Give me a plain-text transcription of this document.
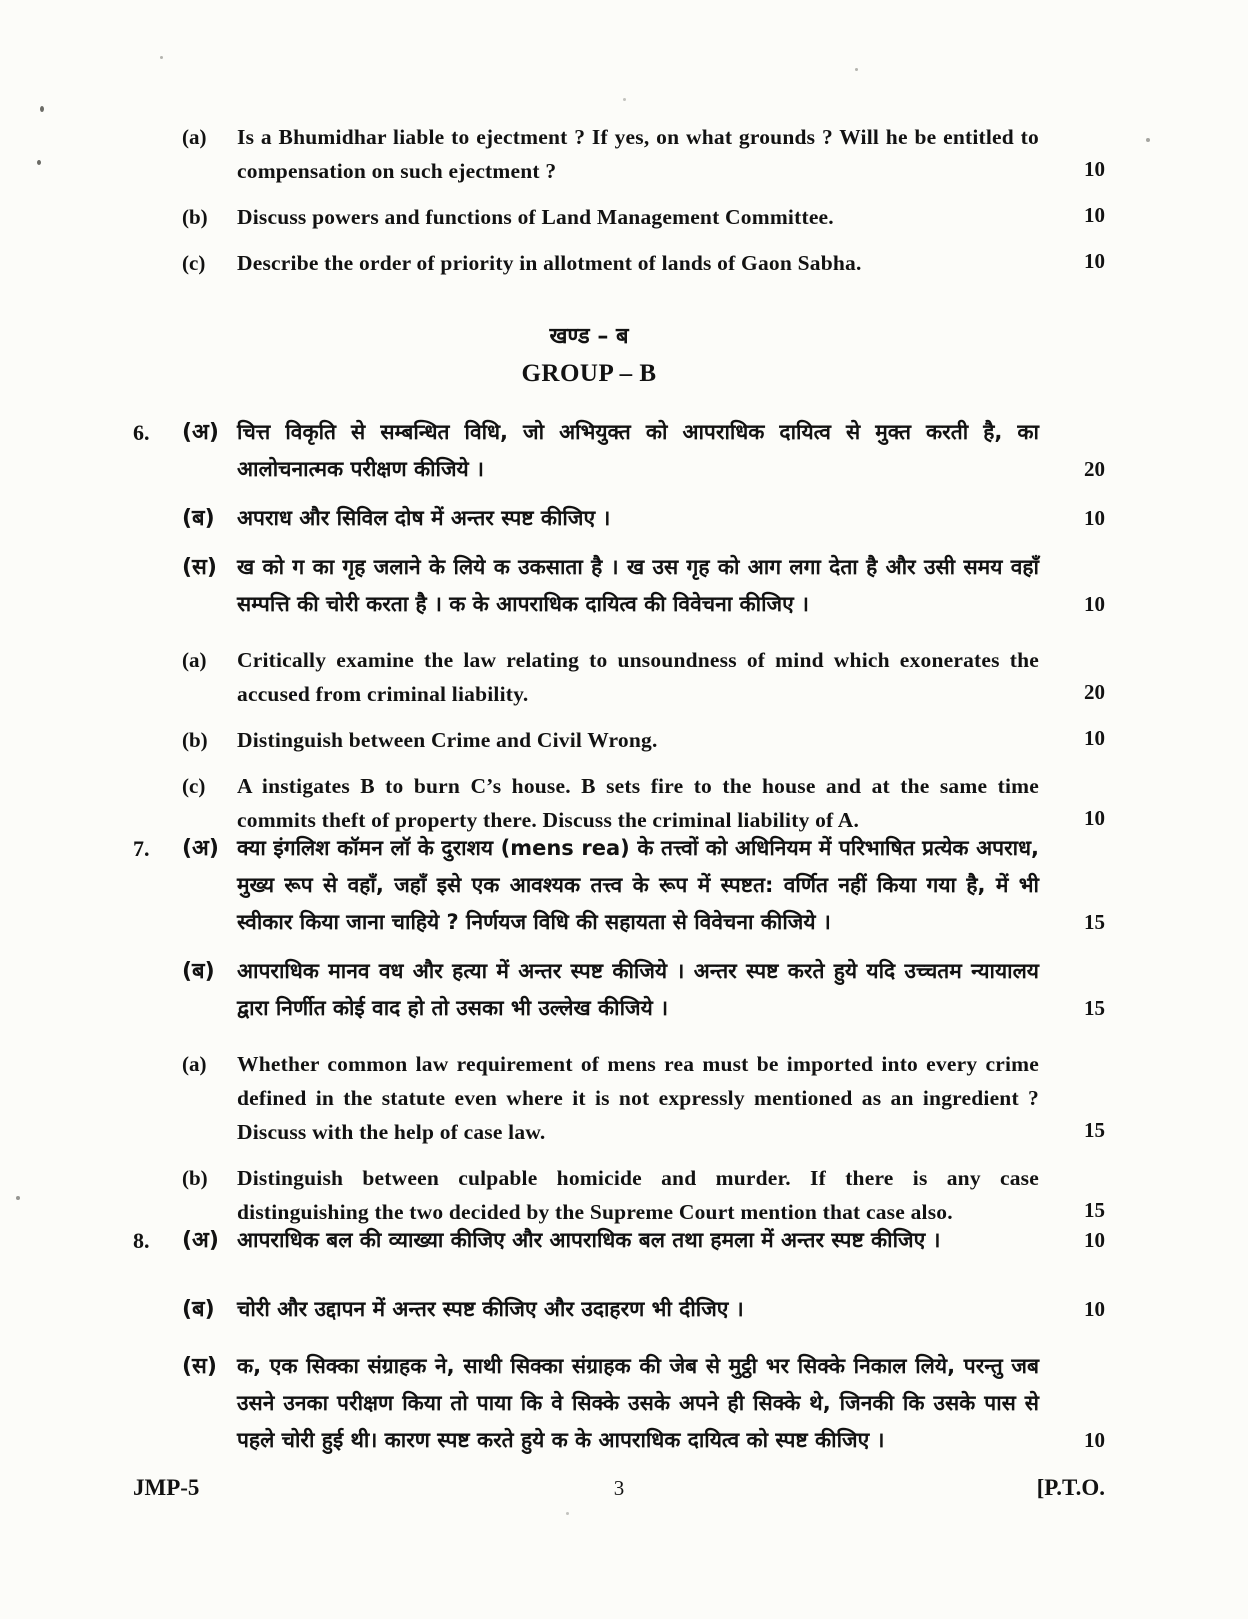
(a)	Is a Bhumidhar liable to ejectment ? If yes, on what grounds ? Will he be entitled to compensation on such ejectment ?	10
(b)	Discuss powers and functions of Land Management Committee.	10
(c)	Describe the order of priority in allotment of lands of Gaon Sabha.	10
खण्ड – ब
GROUP – B
6.	(अ) चित्त विकृति से सम्बन्धित विधि, जो अभियुक्त को आपराधिक दायित्व से मुक्त करती है, का आलोचनात्मक परीक्षण कीजिये ।	20
(ब)	अपराध और सिविल दोष में अन्तर स्पष्ट कीजिए ।	10
(स) ख को ग का गृह जलाने के लिये क उकसाता है । ख उस गृह को आग लगा देता है और उसी समय वहाँ सम्पत्ति की चोरी करता है । क के आपराधिक दायित्व की विवेचना कीजिए ।	10
(a)	Critically examine the law relating to unsoundness of mind which exonerates the accused from criminal liability.	20
(b)	Distinguish between Crime and Civil Wrong.	10
(c)	A instigates B to burn C’s house. B sets fire to the house and at the same time commits theft of property there. Discuss the criminal liability of A.	10
7.	(अ) क्या इंगलिश कॉमन लॉ के दुराशय (mens rea) के तत्त्वों को अधिनियम में परिभाषित प्रत्येक अपराध, मुख्य रूप से वहाँ, जहाँ इसे एक आवश्यक तत्त्व के रूप में स्पष्टत: वर्णित नहीं किया गया है, में भी स्वीकार किया जाना चाहिये ? निर्णयज विधि की सहायता से विवेचना कीजिये ।	15
(ब)	आपराधिक मानव वध और हत्या में अन्तर स्पष्ट कीजिये । अन्तर स्पष्ट करते हुये यदि उच्चतम न्यायालय द्वारा निर्णीत कोई वाद हो तो उसका भी उल्लेख कीजिये ।	15
(a)	Whether common law requirement of mens rea must be imported into every crime defined in the statute even where it is not expressly mentioned as an ingredient ? Discuss with the help of case law.	15
(b)	Distinguish between culpable homicide and murder. If there is any case distinguishing the two decided by the Supreme Court mention that case also.	15
8.	(अ) आपराधिक बल की व्याख्या कीजिए और आपराधिक बल तथा हमला में अन्तर स्पष्ट कीजिए ।	10
(ब)	चोरी और उद्दापन में अन्तर स्पष्ट कीजिए और उदाहरण भी दीजिए ।	10
(स) क, एक सिक्का संग्राहक ने, साथी सिक्का संग्राहक की जेब से मुट्ठी भर सिक्के निकाल लिये, परन्तु जब उसने उनका परीक्षण किया तो पाया कि वे सिक्के उसके अपने ही सिक्के थे, जिनकी कि उसके पास से पहले चोरी हुई थी। कारण स्पष्ट करते हुये क के आपराधिक दायित्व को स्पष्ट कीजिए ।	10
JMP-5	3	[P.T.O.
